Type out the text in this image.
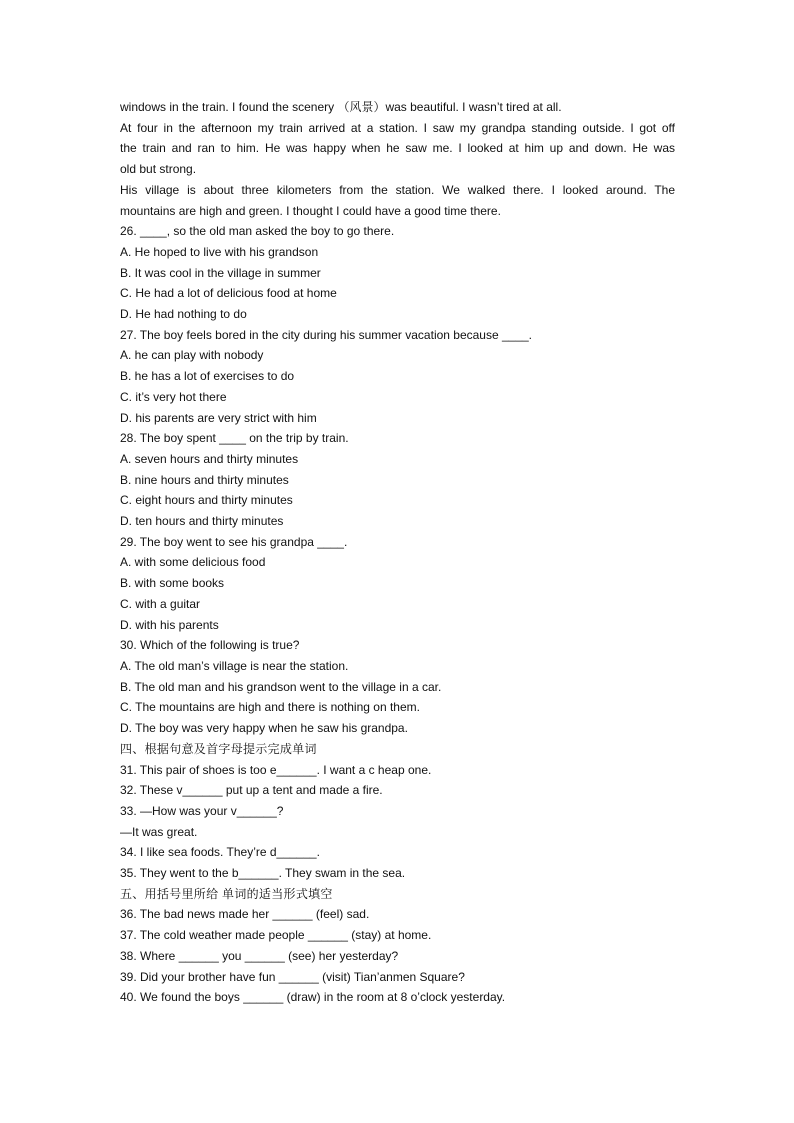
windows in the train. I found the scenery （风景）was beautiful. I wasn’t tired at all.
At four in the afternoon my train arrived at a station. I saw my grandpa standing outside. I got off
the train and ran to him. He was happy when he saw me. I looked at him up and down. He was
old but strong.
His village is about three kilometers from the station. We walked there. I looked around. The
mountains are high and green. I thought I could have a good time there.
26. ____, so the old man asked the boy to go there.
A. He hoped to live with his grandson
B. It was cool in the village in summer
C. He had a lot of delicious food at home
D. He had nothing to do
27. The boy feels bored in the city during his summer vacation because ____.
A. he can play with nobody
B. he has a lot of exercises to do
C. it’s very hot there
D. his parents are very strict with him
28. The boy spent ____ on the trip by train.
A. seven hours and thirty minutes
B. nine hours and thirty minutes
C. eight hours and thirty minutes
D. ten hours and thirty minutes
29. The boy went to see his grandpa ____.
A. with some delicious food
B. with some books
C. with a guitar
D. with his parents
30. Which of the following is true?
A. The old man’s village is near the station.
B. The old man and his grandson went to the village in a car.
C. The mountains are high and there is nothing on them.
D. The boy was very happy when he saw his grandpa.
四、根据句意及首字母提示完成单词
31. This pair of shoes is too e______. I want a c heap one.
32. These v______ put up a tent and made a fire.
33. —How was your v______?
—It was great.
34. I like sea foods. They’re d______.
35. They went to the b______. They swam in the sea.
五、用括号里所给 单词的适当形式填空
36. The bad news made her ______ (feel) sad.
37. The cold weather made people ______ (stay) at home.
38. Where ______ you ______ (see) her yesterday?
39. Did your brother have fun ______ (visit) Tian’anmen Square?
40. We found the boys ______ (draw) in the room at 8 o’clock yesterday.
